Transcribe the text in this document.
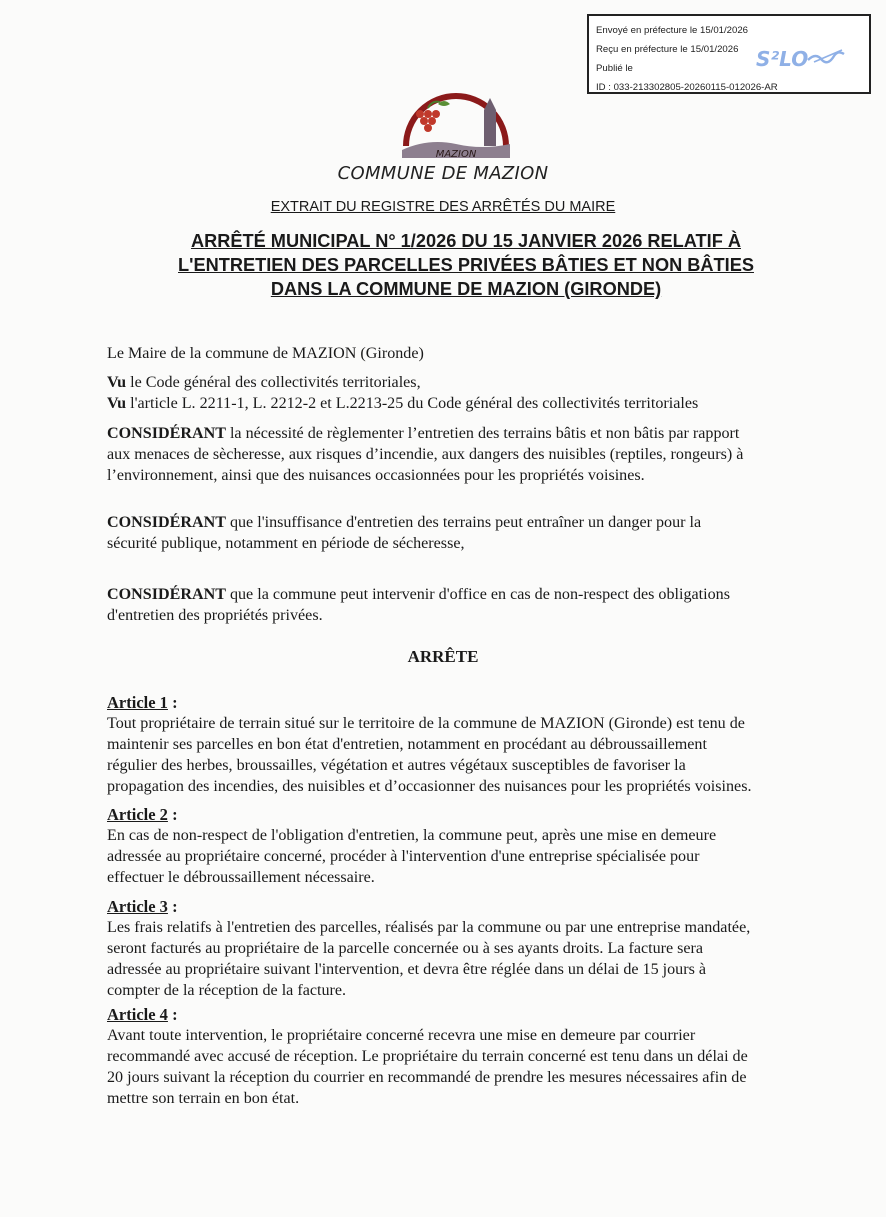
Envoyé en préfecture le 15/01/2026
Reçu en préfecture le 15/01/2026
Publié le
ID : 033-213302805-20260115-012026-AR
S²LO
MAZION
COMMUNE DE MAZION
EXTRAIT DU REGISTRE DES ARRÊTÉS DU MAIRE
ARRÊTÉ MUNICIPAL N° 1/2026 DU 15 JANVIER 2026 RELATIF À
L'ENTRETIEN DES PARCELLES PRIVÉES BÂTIES ET NON BÂTIES
DANS LA COMMUNE DE MAZION (GIRONDE)

Le Maire de la commune de MAZION (Gironde)

Vu le Code général des collectivités territoriales,

Vu l'article L. 2211-1, L. 2212-2 et L.2213-25 du Code général des collectivités territoriales

CONSIDÉRANT la nécessité de règlementer l’entretien des terrains bâtis et non bâtis par rapport

aux menaces de sècheresse, aux risques d’incendie, aux dangers des nuisibles (reptiles, rongeurs) à

l’environnement, ainsi que des nuisances occasionnées pour les propriétés voisines.

CONSIDÉRANT que l'insuffisance d'entretien des terrains peut entraîner un danger pour la

sécurité publique, notamment en période de sécheresse,

CONSIDÉRANT que la commune peut intervenir d'office en cas de non-respect des obligations

d'entretien des propriétés privées.

ARRÊTE
Article 1 :

Tout propriétaire de terrain situé sur le territoire de la commune de MAZION (Gironde) est tenu de

maintenir ses parcelles en bon état d'entretien, notamment en procédant au débroussaillement

régulier des herbes, broussailles, végétation et autres végétaux susceptibles de favoriser la

propagation des incendies, des nuisibles et d’occasionner des nuisances pour les propriétés voisines.

Article 2 :

En cas de non-respect de l'obligation d'entretien, la commune peut, après une mise en demeure

adressée au propriétaire concerné, procéder à l'intervention d'une entreprise spécialisée pour

effectuer le débroussaillement nécessaire.

Article 3 :

Les frais relatifs à l'entretien des parcelles, réalisés par la commune ou par une entreprise mandatée,

seront facturés au propriétaire de la parcelle concernée ou à ses ayants droits. La facture sera

adressée au propriétaire suivant l'intervention, et devra être réglée dans un délai de 15 jours à

compter de la réception de la facture.

Article 4 :

Avant toute intervention, le propriétaire concerné recevra une mise en demeure par courrier

recommandé avec accusé de réception. Le propriétaire du terrain concerné est tenu dans un délai de

20 jours suivant la réception du courrier en recommandé de prendre les mesures nécessaires afin de

mettre son terrain en bon état.
